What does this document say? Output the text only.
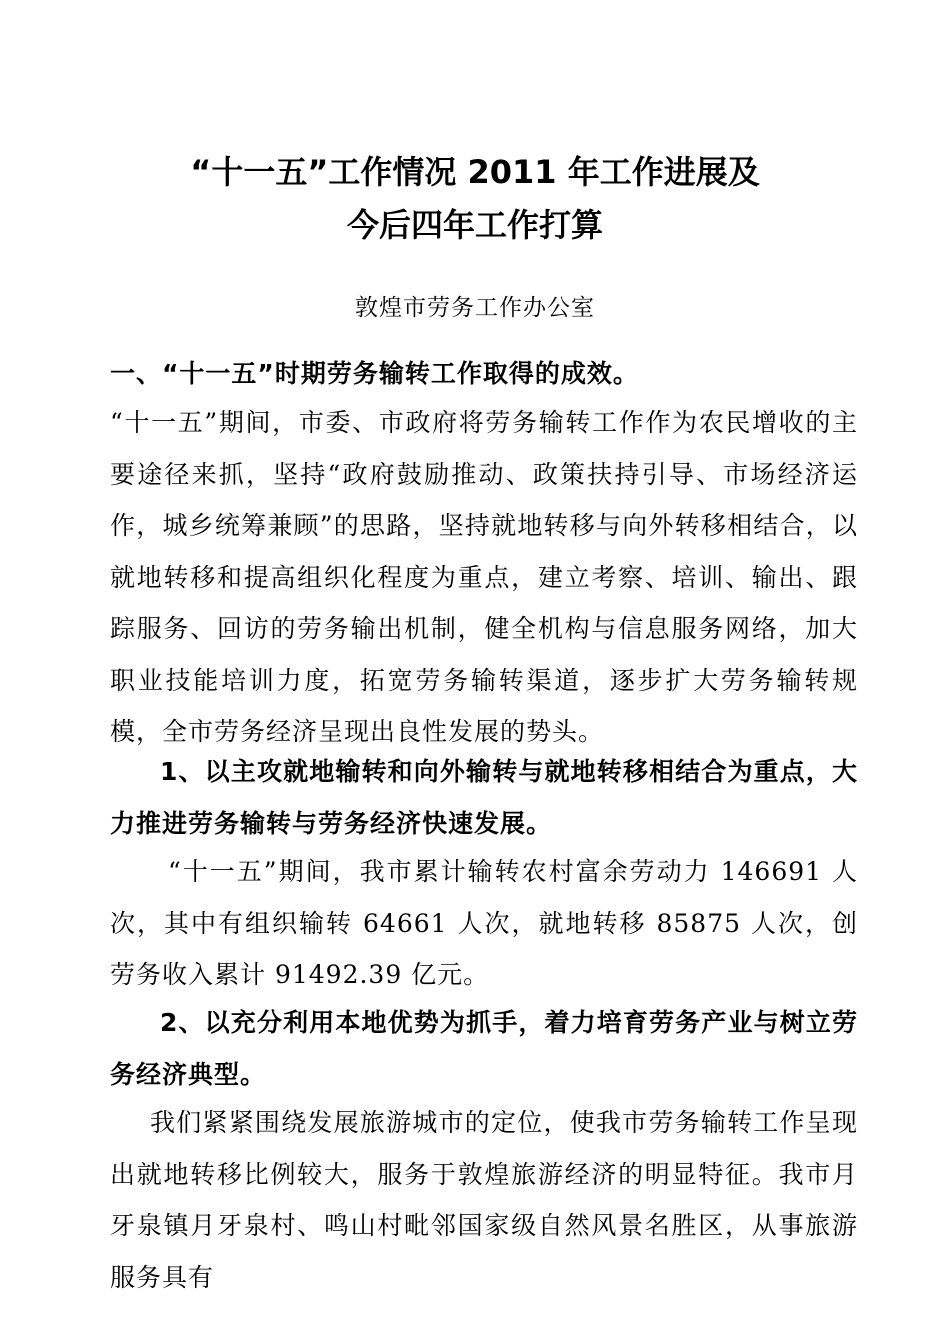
“十一五”工作情况 2011 年工作进展及
今后四年工作打算
敦煌市劳务工作办公室
一、“十一五”时期劳务输转工作取得的成效。

“十一五”期间，市委、市政府将劳务输转工作作为农民增收的主要途径来抓，坚持“政府鼓励推动、政策扶持引导、市场经济运作，城乡统筹兼顾”的思路，坚持就地转移与向外转移相结合，以就地转移和提高组织化程度为重点，建立考察、培训、输出、跟踪服务、回访的劳务输出机制，健全机构与信息服务网络，加大职业技能培训力度，拓宽劳务输转渠道，逐步扩大劳务输转规模，全市劳务经济呈现出良性发展的势头。

1、以主攻就地输转和向外输转与就地转移相结合为重点，大力推进劳务输转与劳务经济快速发展。

“十一五”期间，我市累计输转农村富余劳动力 146691 人次，其中有组织输转 64661 人次，就地转移 85875 人次，创劳务收入累计 91492.39 亿元。

2、以充分利用本地优势为抓手，着力培育劳务产业与树立劳务经济典型。

我们紧紧围绕发展旅游城市的定位，使我市劳务输转工作呈现出就地转移比例较大，服务于敦煌旅游经济的明显特征。我市月牙泉镇月牙泉村、鸣山村毗邻国家级自然风景名胜区，从事旅游服务具有
